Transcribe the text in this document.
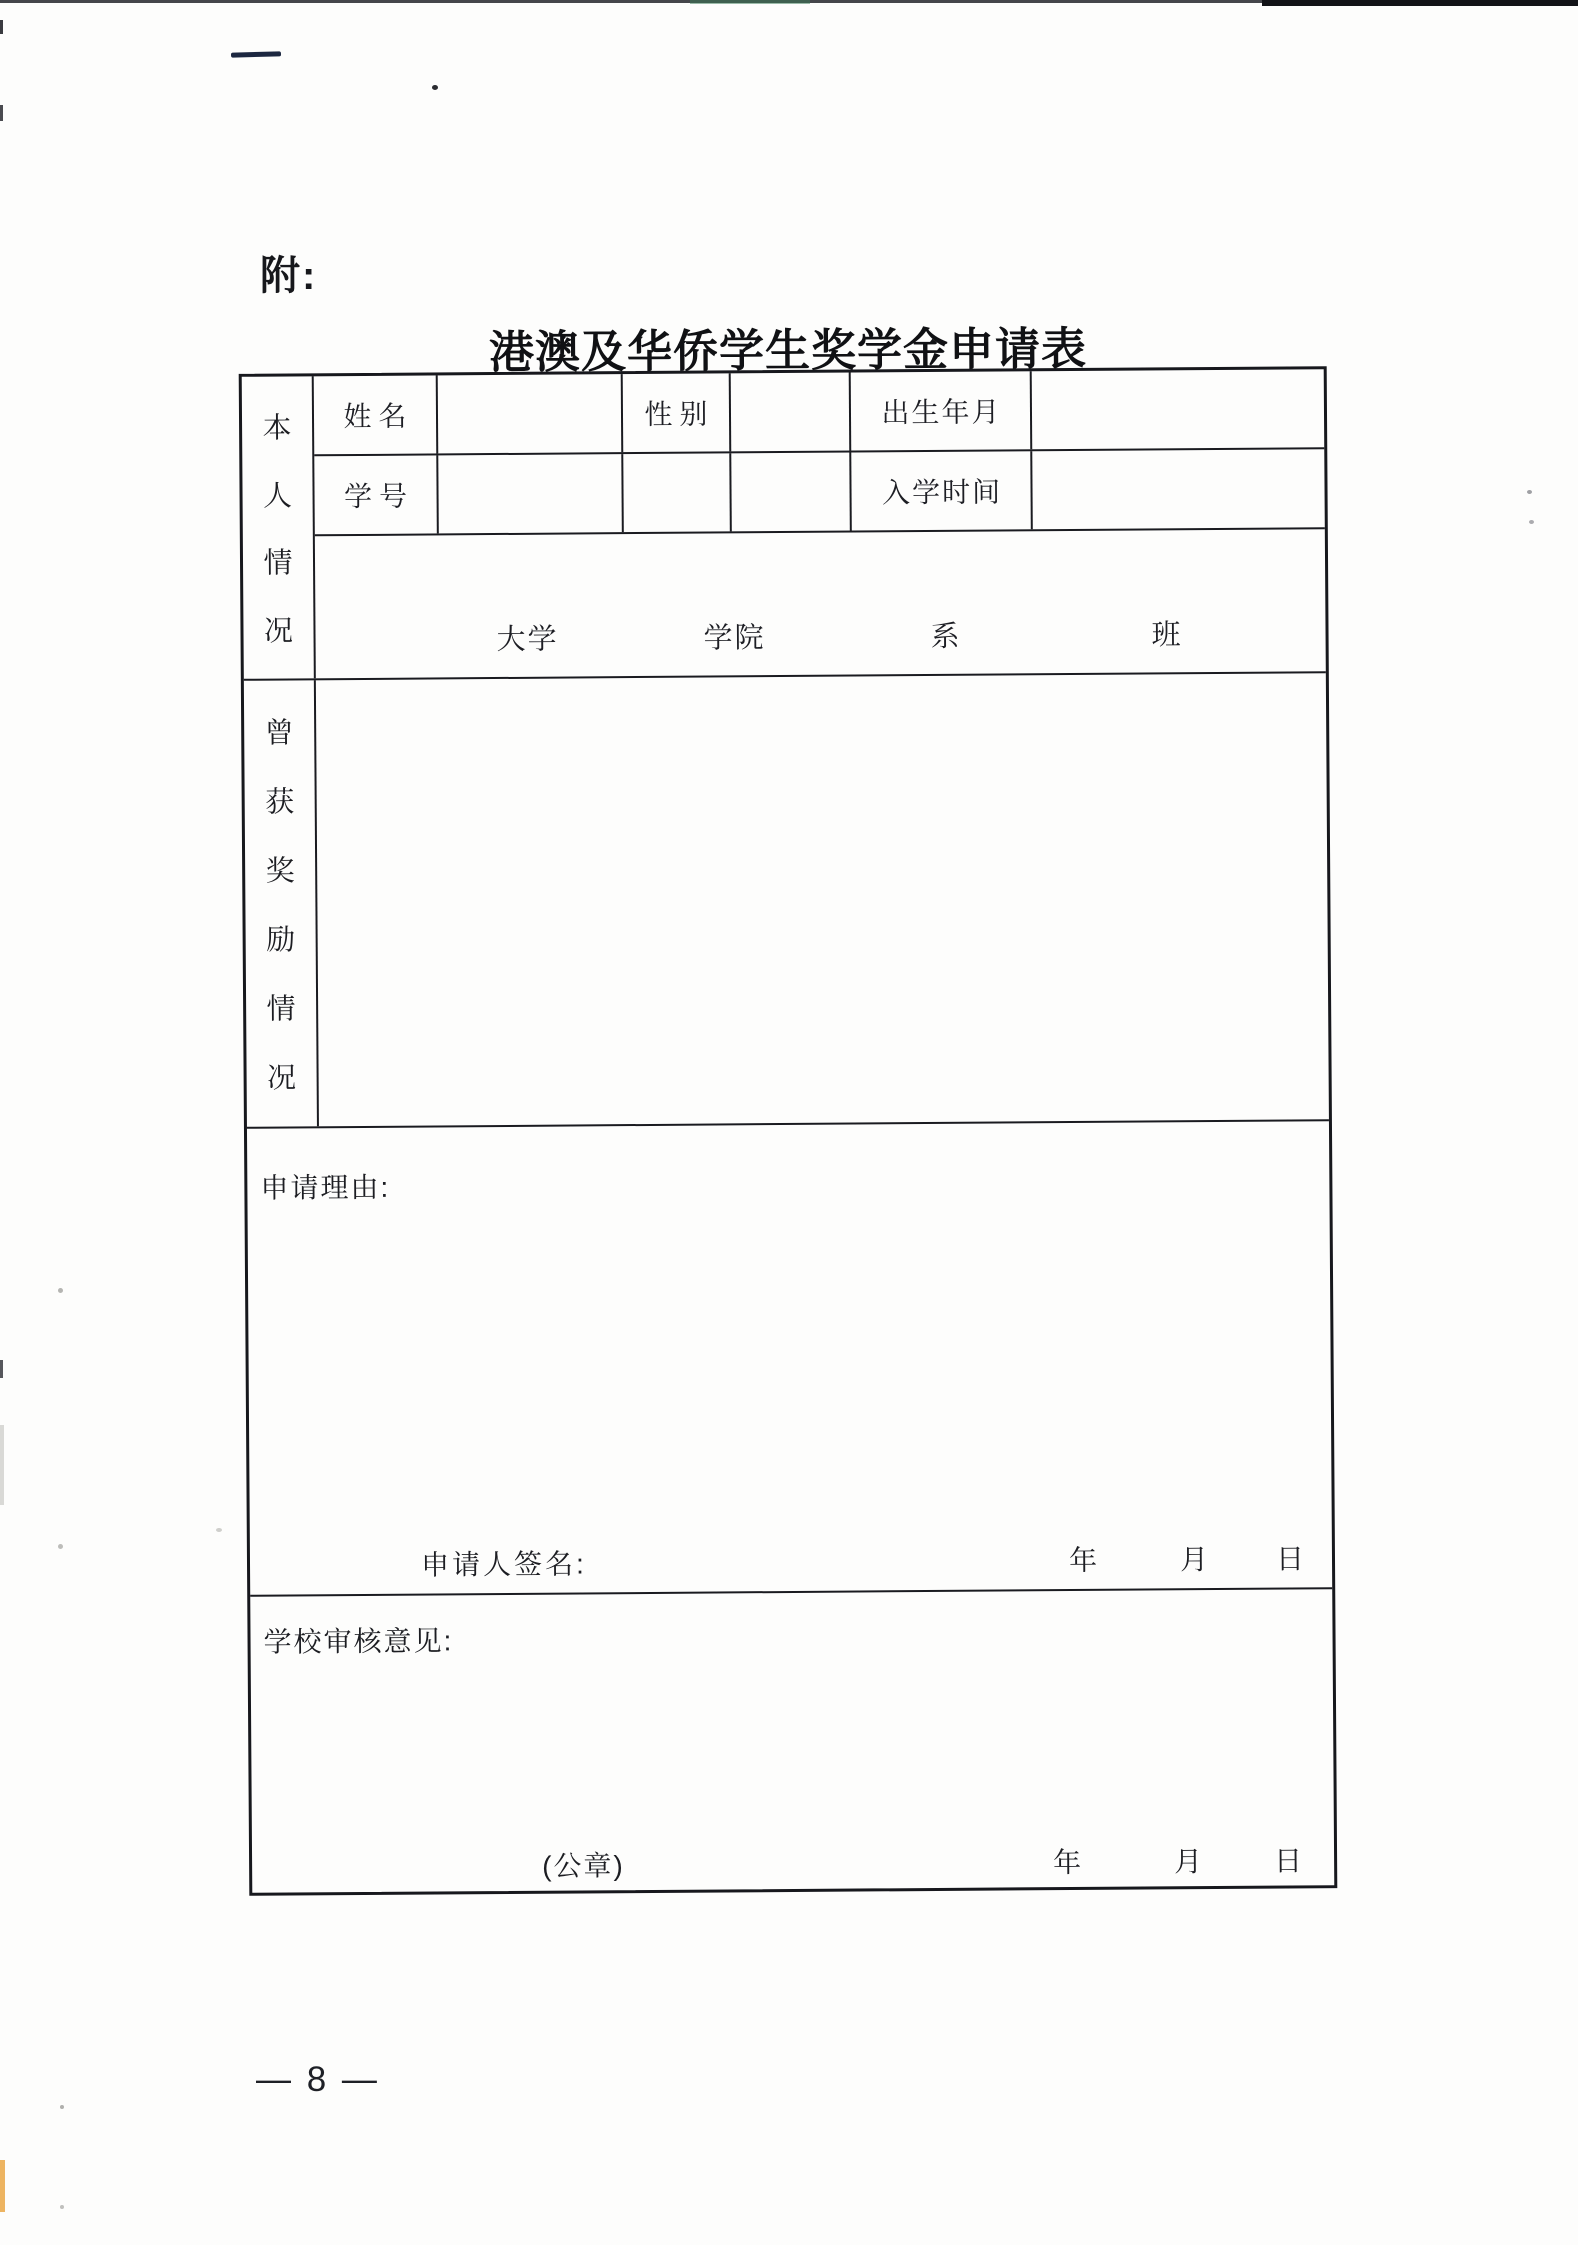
附:
港澳及华侨学生奖学金申请表
本
人
情
况
姓名	性别	出生年月
学号	入学时间
大学	学院	系	班
曾
获
奖
励
情
况
申请理由:
申请人签名:	年	月 日
学校审核意见:
(公章)	年	月	日
— 8 —
